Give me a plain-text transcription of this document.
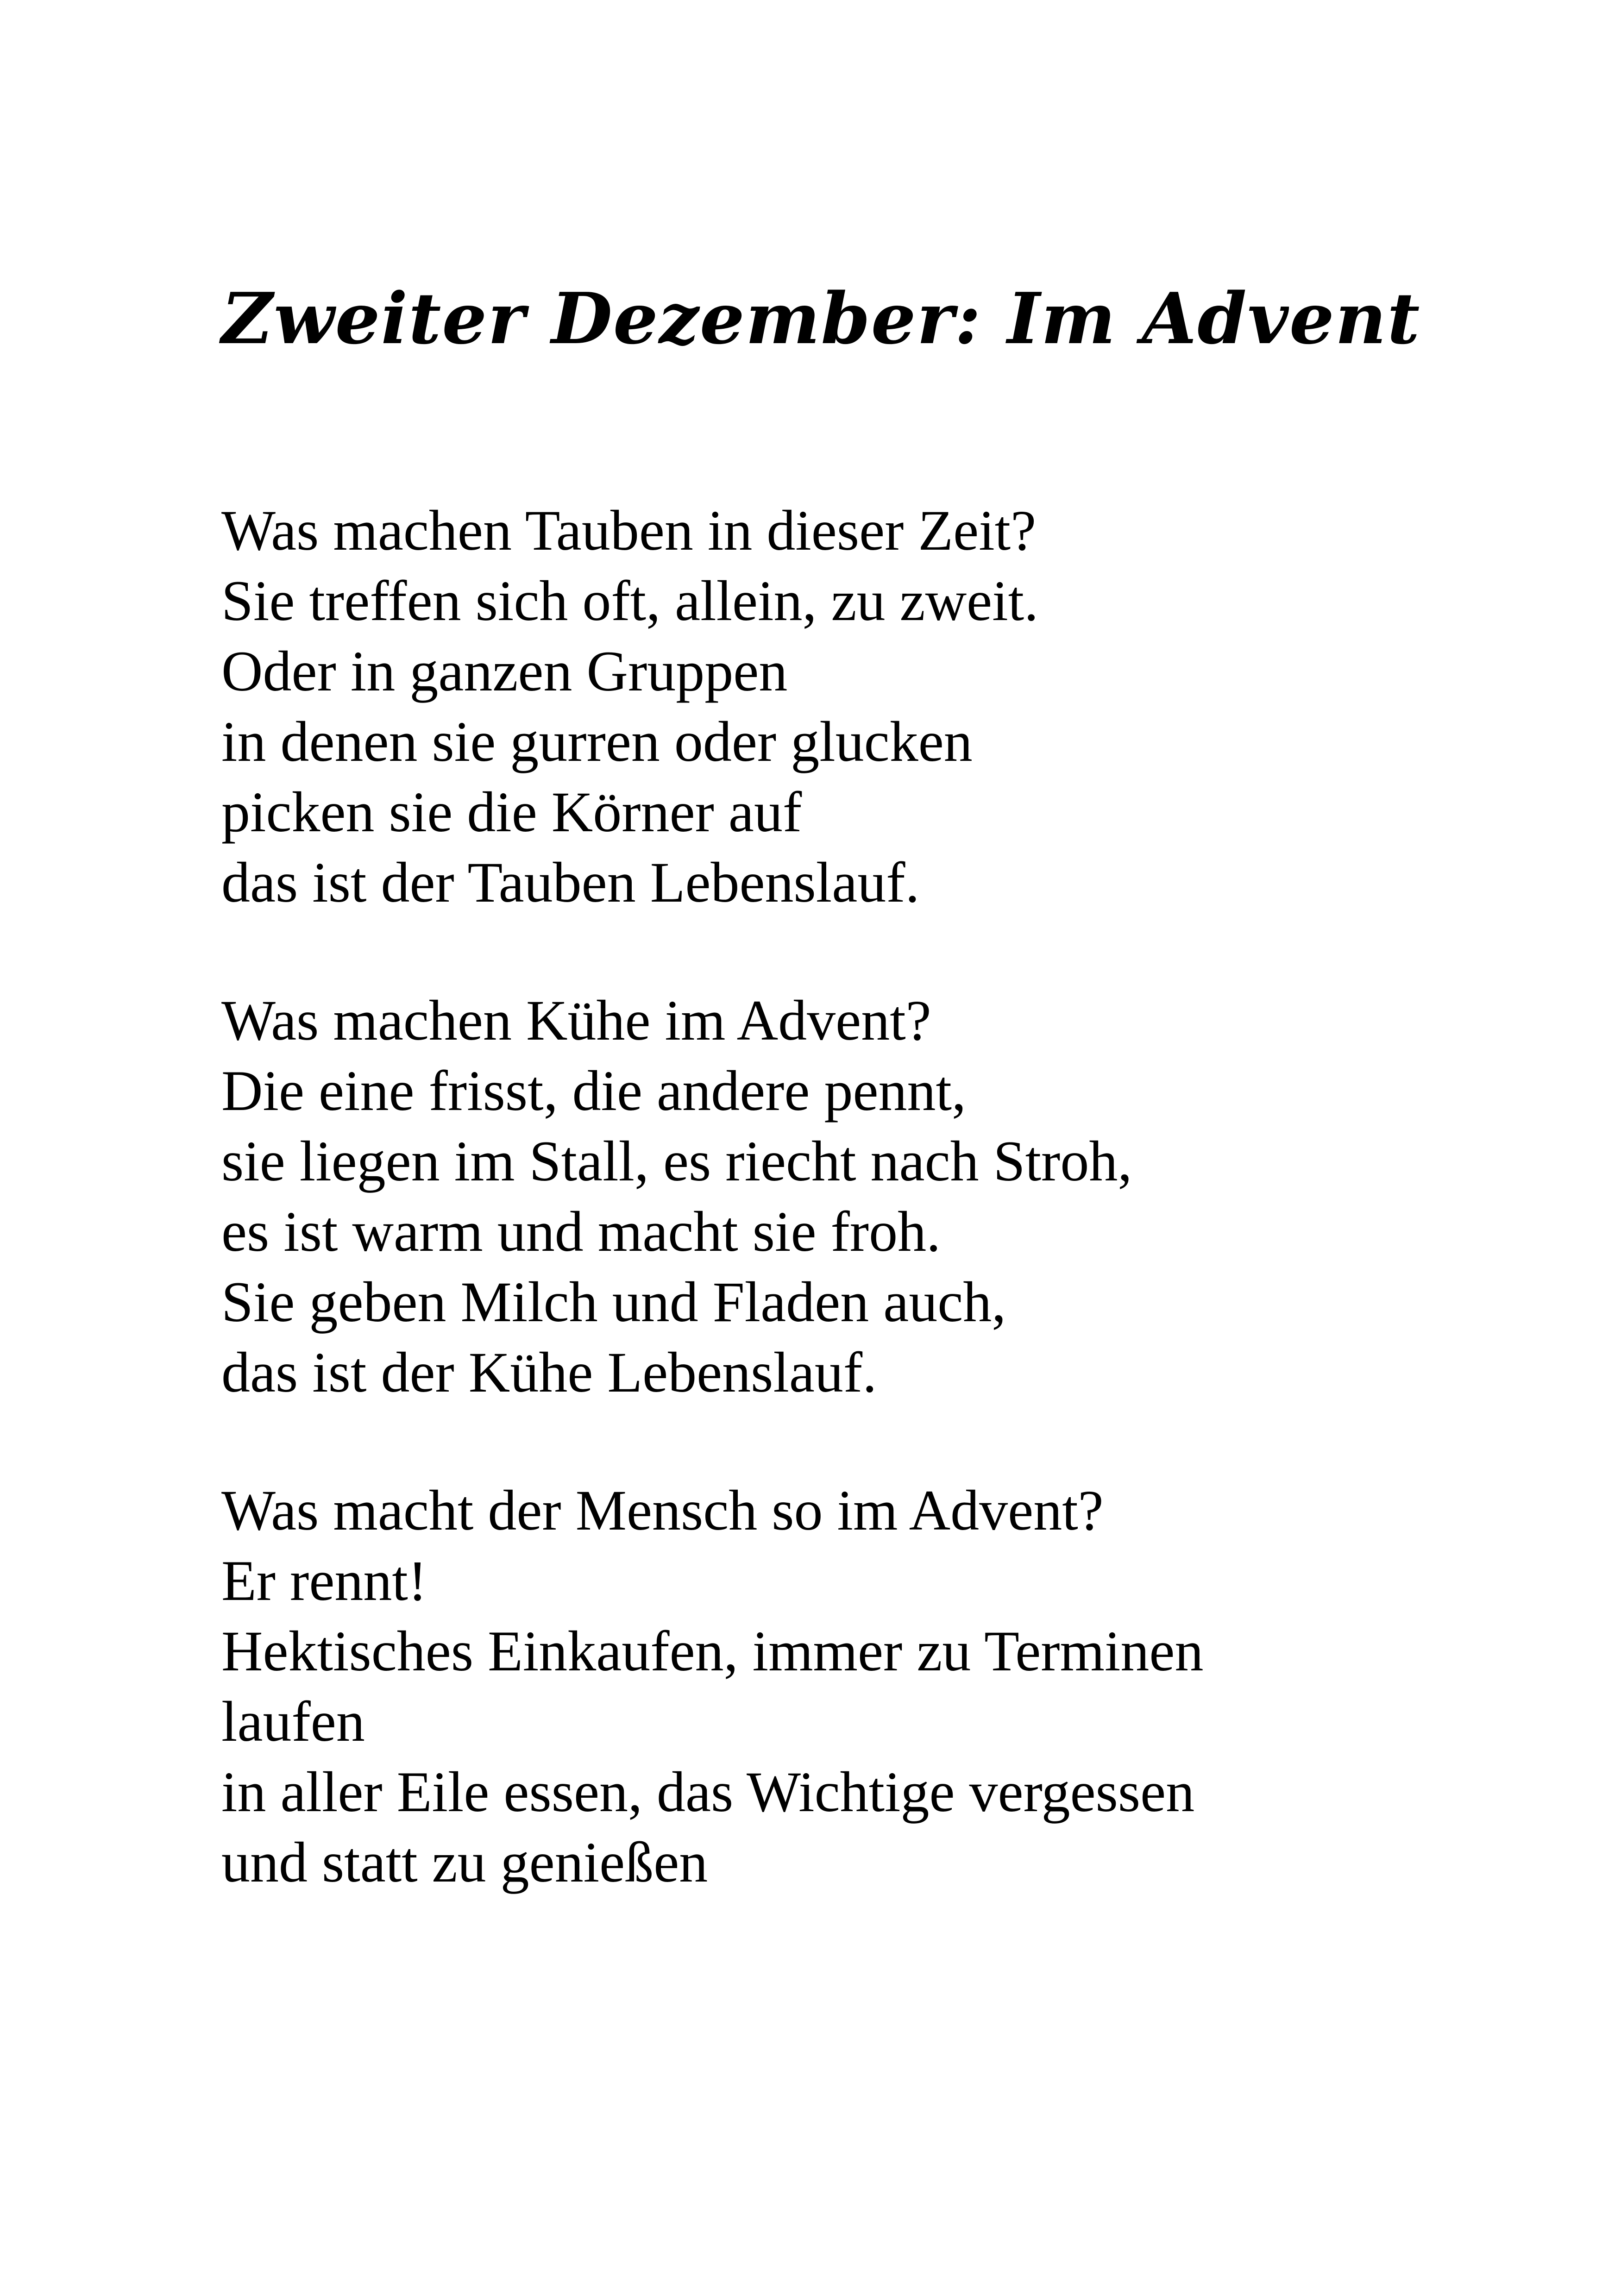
Zweiter Dezember: Im Advent
Was machen Tauben in dieser Zeit?
Sie treffen sich oft, allein, zu zweit.
Oder in ganzen Gruppen
in denen sie gurren oder glucken
picken sie die Körner auf
das ist der Tauben Lebenslauf.
Was machen Kühe im Advent?
Die eine frisst, die andere pennt,
sie liegen im Stall, es riecht nach Stroh,
es ist warm und macht sie froh.
Sie geben Milch und Fladen auch,
das ist der Kühe Lebenslauf.
Was macht der Mensch so im Advent?
Er rennt!
Hektisches Einkaufen, immer zu Terminen
laufen
in aller Eile essen, das Wichtige vergessen
und statt zu genießen
